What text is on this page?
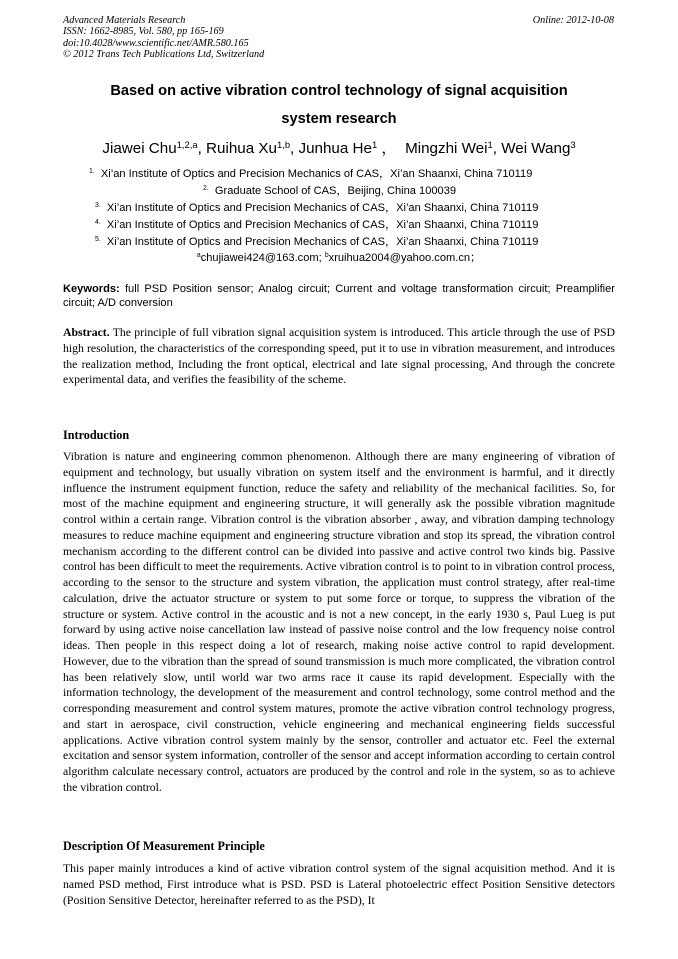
Advanced Materials Research
ISSN: 1662-8985, Vol. 580, pp 165-169
doi:10.4028/www.scientific.net/AMR.580.165
© 2012 Trans Tech Publications Ltd, Switzerland
Online: 2012-10-08
Based on active vibration control technology of signal acquisition
system research
Jiawei Chu$^{1,2,a}$, Ruihua Xu$^{1,b}$, Junhua He$^1$ ，  Mingzhi Wei$^1$, Wei Wang$^3$
$^{1.}$ Xi’an Institute of Optics and Precision Mechanics of CAS，Xi’an Shaanxi, China 710119
$^{2.}$ Graduate School of CAS，Beijing, China 100039
$^{3.}$ Xi’an Institute of Optics and Precision Mechanics of CAS，Xi’an Shaanxi, China 710119
$^{4.}$ Xi’an Institute of Optics and Precision Mechanics of CAS，Xi’an Shaanxi, China 710119
$^{5.}$ Xi’an Institute of Optics and Precision Mechanics of CAS，Xi’an Shaanxi, China 710119
$^a$chujiawei424@163.com; $^b$xruihua2004@yahoo.com.cn；
Keywords: full PSD Position sensor; Analog circuit; Current and voltage transformation circuit; Preamplifier circuit; A/D conversion
Abstract. The principle of full vibration signal acquisition system is introduced. This article through the use of PSD high resolution, the characteristics of the corresponding speed, put it to use in vibration measurement, and introduces the realization method, Including the front optical, electrical and late signal processing, And through the concrete experimental data, and verifies the feasibility of the scheme.
Introduction
Vibration is nature and engineering common phenomenon. Although there are many engineering of vibration of equipment and technology, but usually vibration on system itself and the environment is harmful, and it directly influence the instrument equipment function, reduce the safety and reliability of the mechanical facilities. So, for most of the machine equipment and engineering structure, it will generally ask the possible vibration magnitude control within a certain range. Vibration control is the vibration absorber , away, and vibration damping technology measures to reduce machine equipment and engineering structure vibration and stop its spread, the vibration control mechanism according to the different control can be divided into passive and active control two kinds big. Passive control has been difficult to meet the requirements. Active vibration control is to point to in vibration control process, according to the sensor to the structure and system vibration, the application must control strategy, after real-time calculation, drive the actuator structure or system to put some force or torque, to suppress the vibration of the structure or system. Active control in the acoustic and is not a new concept, in the early 1930 s, Paul Lueg is put forward by using active noise cancellation law instead of passive noise control and the low frequency noise control ideas. Then people in this respect doing a lot of research, making noise active control to rapid development. However, due to the vibration than the spread of sound transmission is much more complicated, the vibration control has been relatively slow, until world war two arms race it cause its rapid development. Especially with the information technology, the development of the measurement and control technology, some control method and the corresponding measurement and control system matures, promote the active vibration control technology progress, and start in aerospace, civil construction, vehicle engineering and mechanical engineering fields successful applications. Active vibration control system mainly by the sensor, controller and actuator etc. Feel the external excitation and sensor system information, controller of the sensor and accept information according to certain control algorithm calculate necessary control, actuators are produced by the control and role in the system, so as to achieve the vibration control.
Description Of Measurement Principle
This paper mainly introduces a kind of active vibration control system of the signal acquisition method. And it is named PSD method, First introduce what is PSD. PSD is Lateral photoelectric effect Position Sensitive detectors (Position Sensitive Detector, hereinafter referred to as the PSD), It
